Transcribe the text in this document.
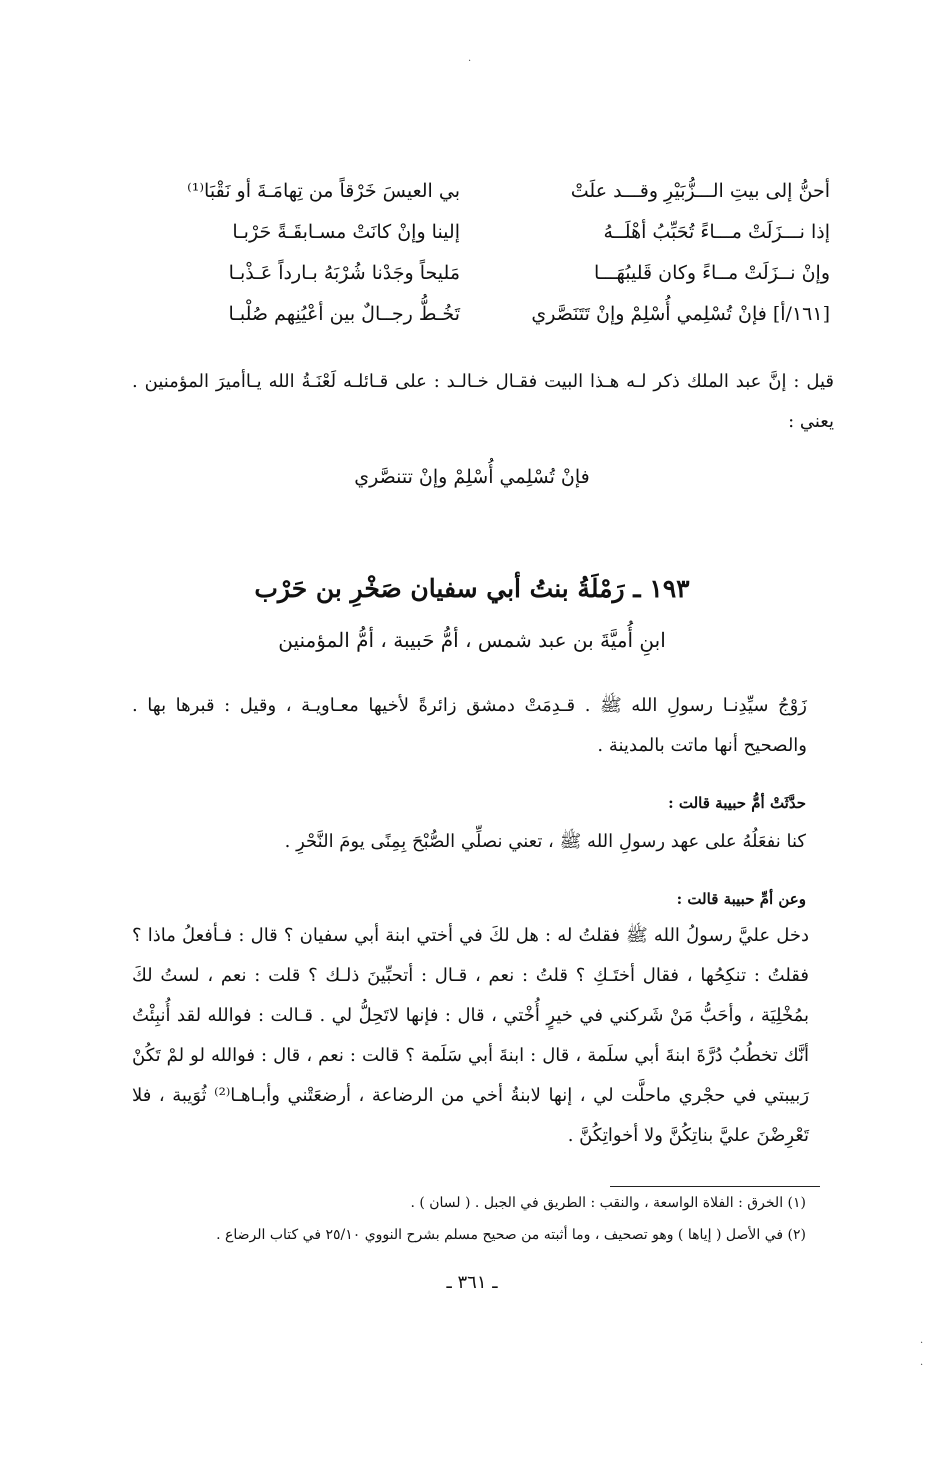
أحنُّ إلى بيتِ الـــزُّبَيْرِ وقـــد علَتْ
بي العيسَ خَرْقاً من تِهامَـةَ أو نَقْبَا⁽¹⁾
إذا نـــزَلَتْ مـــاءً تُحَبِّبُ أهْلَــهُ
إلينا وإنْ كانَتْ مسـابقَـةً حَرْبـا
وإنْ نــزَلَتْ مــاءً وكان قَليبُهَـــا
مَليحاً وجَدْنا شُرْبَهُ بـارداً عَـذْبـا
[١٦١/أ] فإنْ تُسْلِمي أُسْلِمْ وإنْ تَتَنَصَّري
تَخُـطُّ رجــالٌ بين أعْيُنِهم صُلْبـا
قيل : إنَّ عبد الملك ذكر لـه هـذا البيت فقـال خـالـد : على قـائلـه لَعْنَـةُ الله يـاأميرَ المؤمنين . يعني :
فإنْ تُسْلِمي أُسْلِمْ وإنْ تتنصَّري
١٩٣ ـ رَمْلَةُ بنتُ أبي سفيان صَخْرِ بن حَرْب
ابنِ أُميَّةَ بن عبد شمس ، أمُّ حَبيبة ، أمُّ المؤمنين
زَوْجُ سيِّدِنـا رسولِ الله ﷺ . قـدِمَتْ دمشق زائرةً لأخيها معـاويـة ، وقيل : قبرها بها . والصحيح أنها ماتت بالمدينة .
حدَّثَتْ أمُّ حبيبة قالت :
كنا نفعَلُهُ على عهد رسولِ الله ﷺ ، تعني نصلِّي الصُّبْحَ بِمِنًى يومَ النَّحْرِ .
وعن أمِّ حبيبة قالت :
دخل عليَّ رسولُ الله ﷺ فقلتُ له : هل لكَ في أختي ابنة أبي سفيان ؟ قال : فـأفعلُ ماذا ؟ فقلتُ : تنكِحُها ، فقال أختَـكِ ؟ قلتُ : نعم ، قـال : أتحبِّينَ ذلـك ؟ قلت : نعم ، لستُ لكَ بمُخْلِيَة ، وأحَبُّ مَنْ شَركني في خيرٍ أُخْتي ، قال : فإنها لاتَحِلُّ لي . قـالت : فوالله لقد أُنبِئْتُ أنَّك تخطُبُ دُرَّةَ ابنةَ أبي سلَمة ، قال : ابنةَ أبي سَلَمة ؟ قالت : نعم ، قال : فوالله لو لمْ تَكُنْ رَبيبتي في حجْري ماحلَّت لي ، إنها لابنةُ أخي من الرضاعة ، أرضعَتْني وأبـاهـا⁽²⁾ ثُوَيبة ، فلا تَعْرِضْنَ عليَّ بناتِكُنَّ ولا أخواتِكُنَّ .
(١) الخرق : الفلاة الواسعة ، والنقب : الطريق في الجبل . ( لسان ) .
(٢) في الأصل ( إياها ) وهو تصحيف ، وما أثبته من صحيح مسلم بشرح النووي ٢٥/١٠ في كتاب الرضاع .
ـ ٣٦١ ـ
·
·
·
